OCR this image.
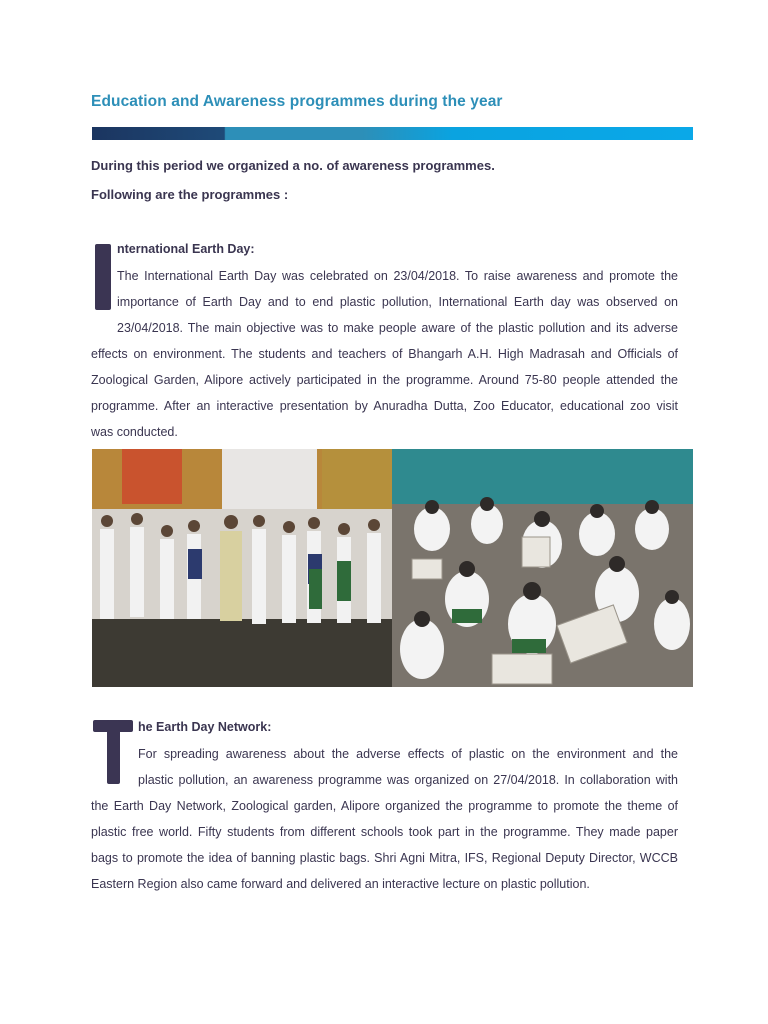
Education and Awareness programmes during the year
During this period we organized a no. of awareness programmes.
Following are the programmes :
nternational Earth Day:
The International Earth Day was celebrated on 23/04/2018. To raise awareness and promote the
importance of Earth Day and to end plastic pollution, International Earth day was observed on
23/04/2018. The main objective was to make people aware of the plastic pollution and its adverse
effects on environment. The students and teachers of Bhangarh A.H. High Madrasah and Officials of
Zoological Garden, Alipore actively participated in the programme. Around 75-80 people attended the
programme. After an interactive presentation by Anuradha Dutta, Zoo Educator, educational zoo visit
was conducted.
he Earth Day Network:
For spreading awareness about the adverse effects of plastic on the environment and the
plastic pollution, an awareness programme was organized on 27/04/2018. In collaboration with
the Earth Day Network, Zoological garden, Alipore organized the programme to promote the theme of
plastic free world. Fifty students from different schools took part in the programme. They made paper
bags to promote the idea of banning plastic bags. Shri Agni Mitra, IFS, Regional Deputy Director, WCCB
Eastern Region also came forward and delivered an interactive lecture on plastic pollution.
